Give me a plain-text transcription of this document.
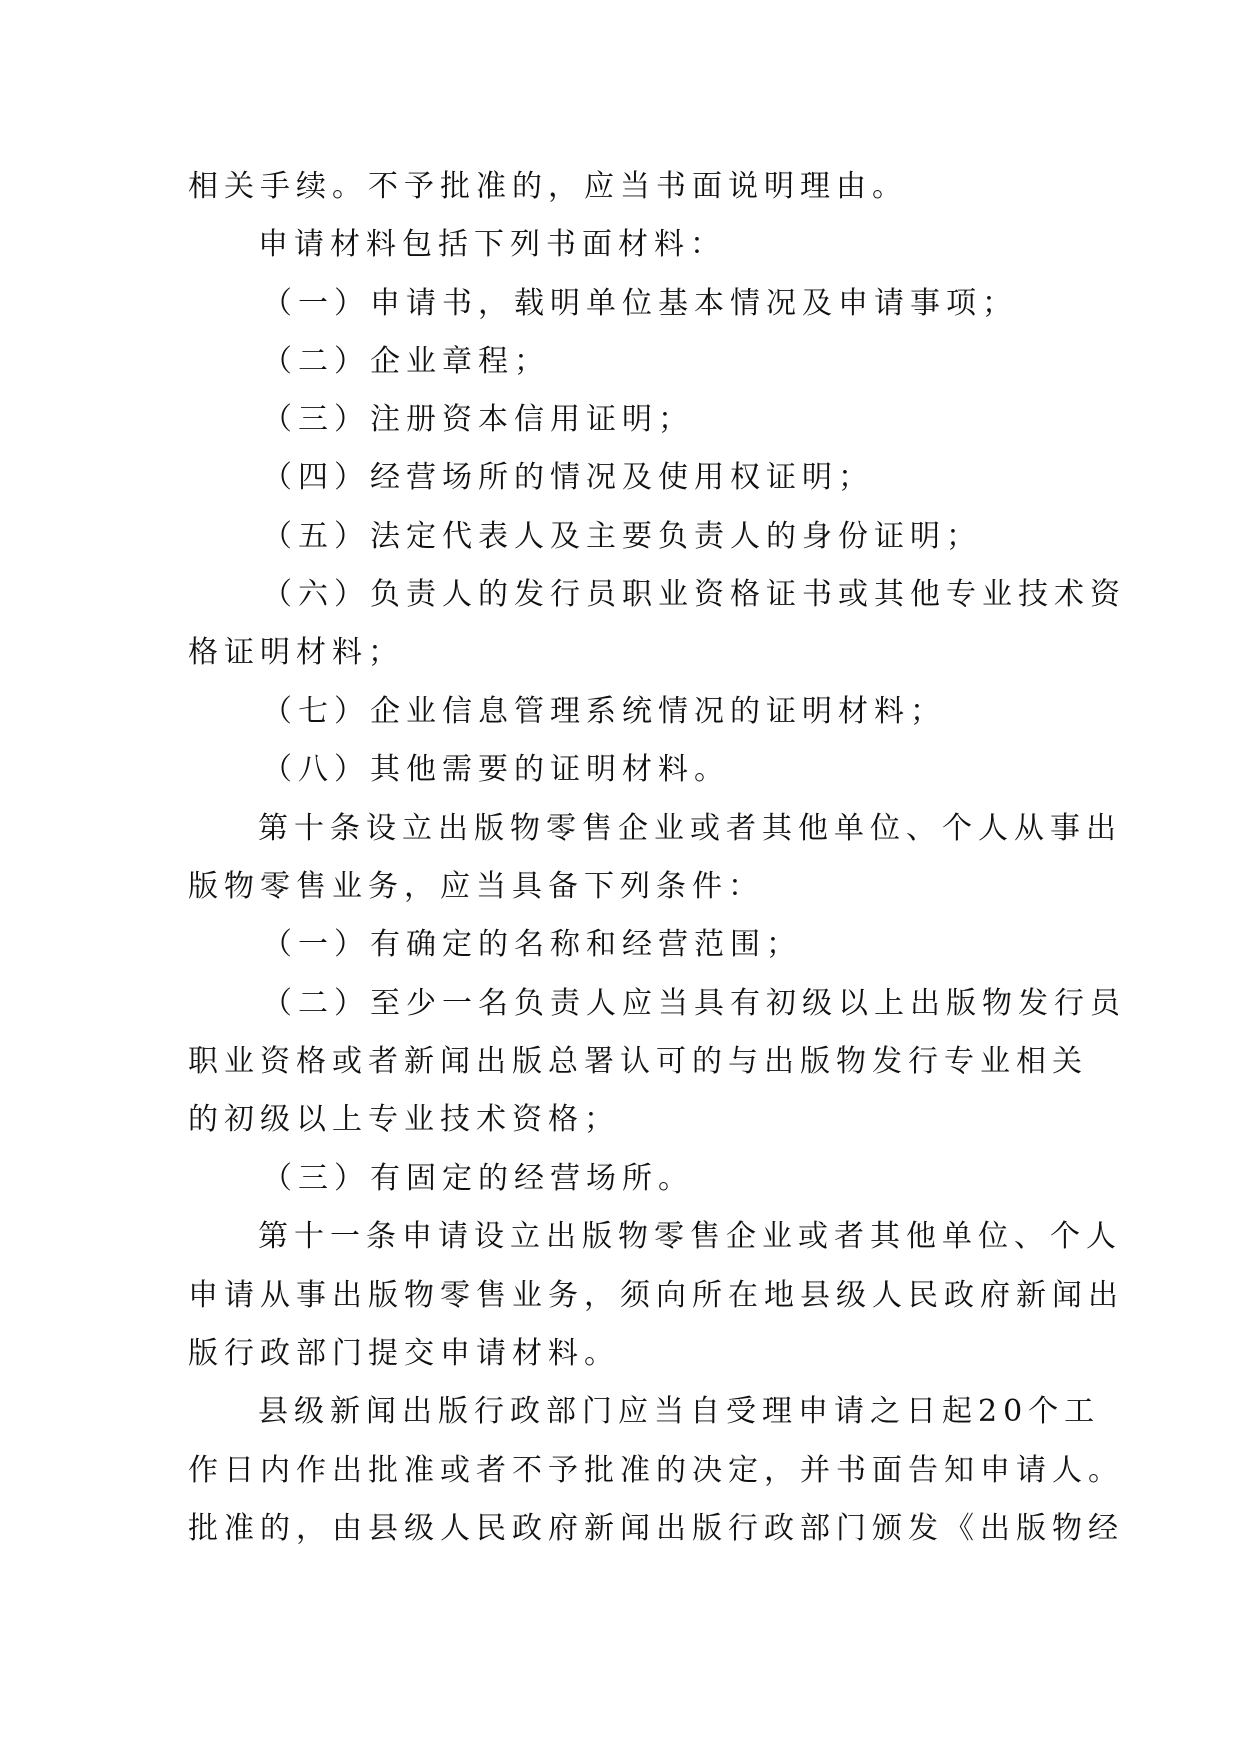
相关手续。不予批准的，应当书面说明理由。
申请材料包括下列书面材料：
（一）申请书，载明单位基本情况及申请事项；
（二）企业章程；
（三）注册资本信用证明；
（四）经营场所的情况及使用权证明；
（五）法定代表人及主要负责人的身份证明；
（六）负责人的发行员职业资格证书或其他专业技术资
格证明材料；
（七）企业信息管理系统情况的证明材料；
（八）其他需要的证明材料。
第十条设立出版物零售企业或者其他单位、个人从事出
版物零售业务，应当具备下列条件：
（一）有确定的名称和经营范围；
（二）至少一名负责人应当具有初级以上出版物发行员
职业资格或者新闻出版总署认可的与出版物发行专业相关
的初级以上专业技术资格；
（三）有固定的经营场所。
第十一条申请设立出版物零售企业或者其他单位、个人
申请从事出版物零售业务，须向所在地县级人民政府新闻出
版行政部门提交申请材料。
县级新闻出版行政部门应当自受理申请之日起20个工
作日内作出批准或者不予批准的决定，并书面告知申请人。
批准的，由县级人民政府新闻出版行政部门颁发《出版物经
